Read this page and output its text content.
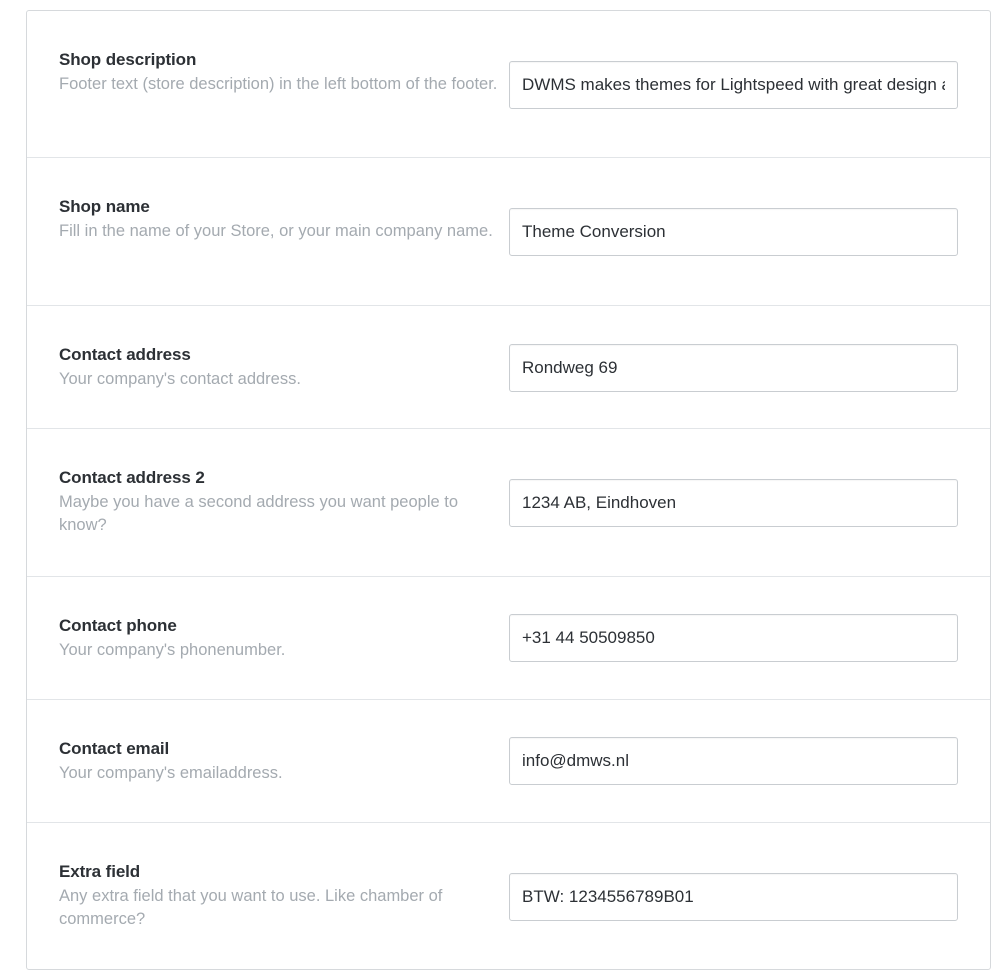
Shop description
Footer text (store description) in the left bottom of the footer.
DWMS makes themes for Lightspeed with great design and functionality.
Shop name
Fill in the name of your Store, or your main company name.
Theme Conversion
Contact address
Your company's contact address.
Rondweg 69
Contact address 2
Maybe you have a second address you want people to know?
1234 AB, Eindhoven
Contact phone
Your company's phonenumber.
+31 44 50509850
Contact email
Your company's emailaddress.
info@dmws.nl
Extra field
Any extra field that you want to use. Like chamber of commerce?
BTW: 1234556789B01
